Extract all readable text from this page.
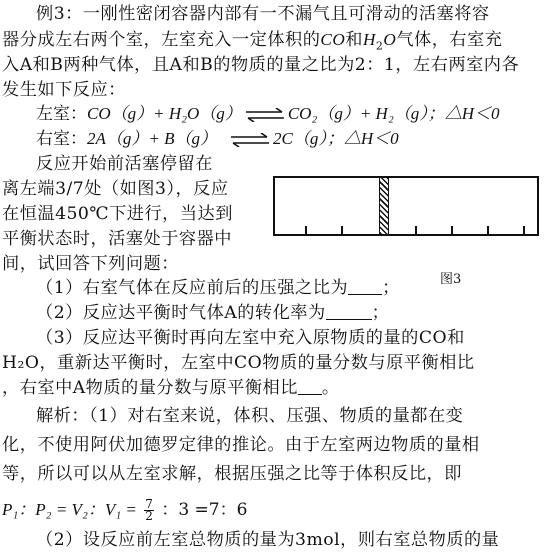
例3：一刚性密闭容器内部有一不漏气且可滑动的活塞将容
器分成左右两个室，左室充入一定体积的CO和$H_2O$气体，右室充
入A和B两种气体，且A和B的物质的量之比为2：1，左右两室内各
发生如下反应：
左室：CO（g）+ H₂O（g） ⇌ CO₂（g）+ H₂（g）；△H＜0
右室：2A（g）+ B（g） ⇌ 2C（g）；△H＜0
反应开始前活塞停留在
离左端3/7处（如图3），反应
在恒温450℃下进行，当达到
平衡状态时，活塞处于容器中
间，试回答下列问题：
图3
（1）右室气体在反应前后的压强之比为 ；
（2）反应达平衡时气体A的转化率为	；
（3）反应达平衡时再向左室中充入原物质的量的CO和
H₂O，重新达平衡时，左室中CO物质的量分数与原平衡相比
，右室中A物质的量分数与原平衡相比 。
解析：（1）对右室来说，体积、压强、物质的量都在变
化，不使用阿伏加德罗定律的推论。由于左室两边物质的量相
等，所以可以从左室求解，根据压强之比等于体积反比，即
P₁：P₂ = V₂：$V_1 = \frac{7}{2}$ ：3 =7：6
（2）设反应前左室总物质的量为3mol，则右室总物质的量
